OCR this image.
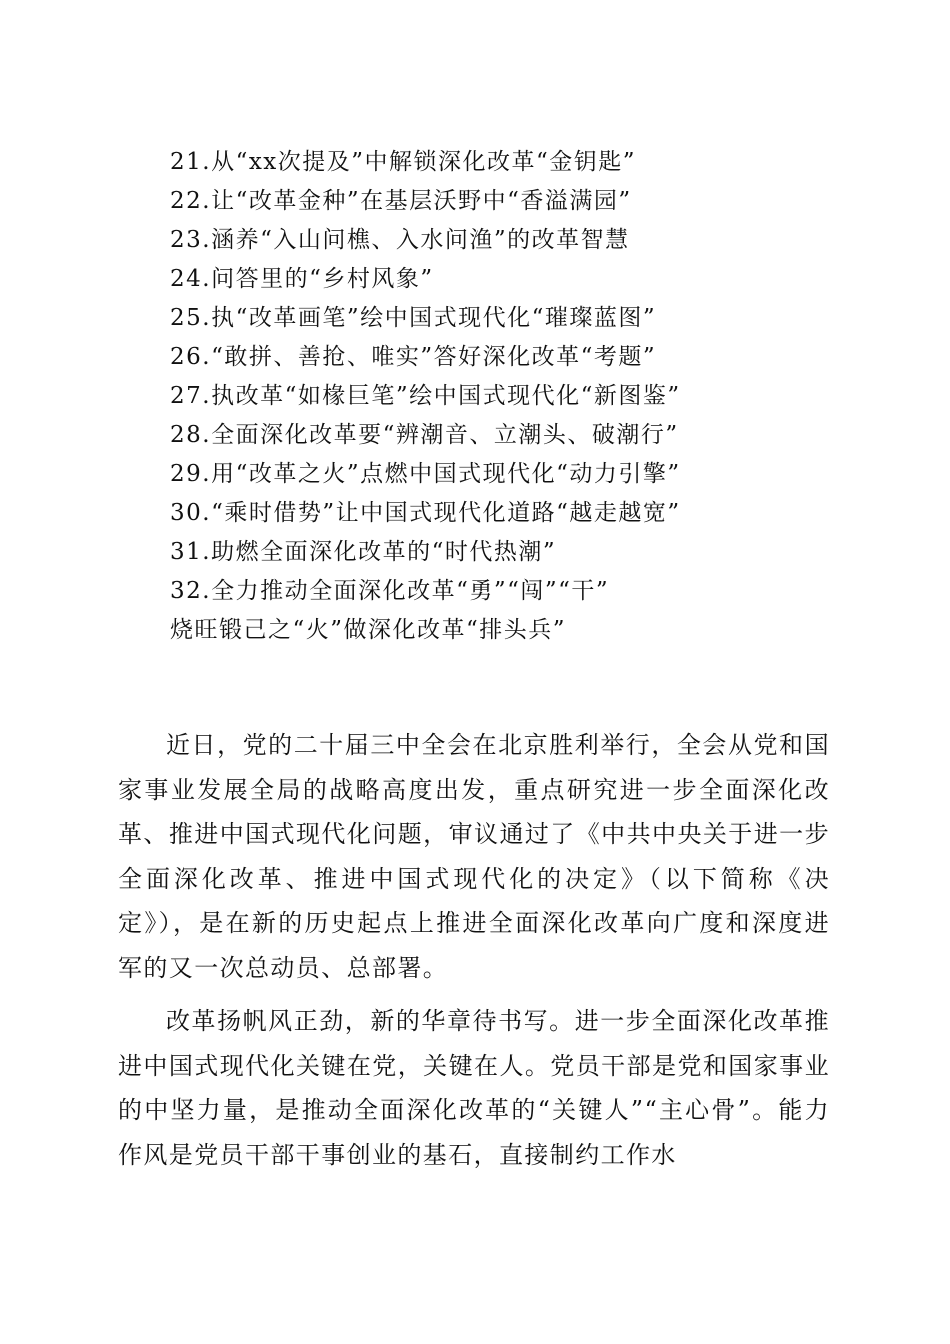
21.从“xx次提及”中解锁深化改革“金钥匙”
22.让“改革金种”在基层沃野中“香溢满园”
23.涵养“入山问樵、入水问渔”的改革智慧
24.问答里的“乡村风象”
25.执“改革画笔”绘中国式现代化“璀璨蓝图”
26.“敢拼、善抢、唯实”答好深化改革“考题”
27.执改革“如椽巨笔”绘中国式现代化“新图鉴”
28.全面深化改革要“辨潮音、立潮头、破潮行”
29.用“改革之火”点燃中国式现代化“动力引擎”
30.“乘时借势”让中国式现代化道路“越走越宽”
31.助燃全面深化改革的“时代热潮”
32.全力推动全面深化改革“勇”“闯”“干”
烧旺锻己之“火”做深化改革“排头兵”

近日，党的二十届三中全会在北京胜利举行，全会从党和国家事业发展全局的战略高度出发，重点研究进一步全面深化改革、推进中国式现代化问题，审议通过了《中共中央关于进一步全面深化改革、推进中国式现代化的决定》（以下简称《决定》），是在新的历史起点上推进全面深化改革向广度和深度进军的又一次总动员、总部署。

改革扬帆风正劲，新的华章待书写。进一步全面深化改革推进中国式现代化关键在党，关键在人。党员干部是党和国家事业的中坚力量，是推动全面深化改革的“关键人”“主心骨”。能力作风是党员干部干事创业的基石，直接制约工作水
